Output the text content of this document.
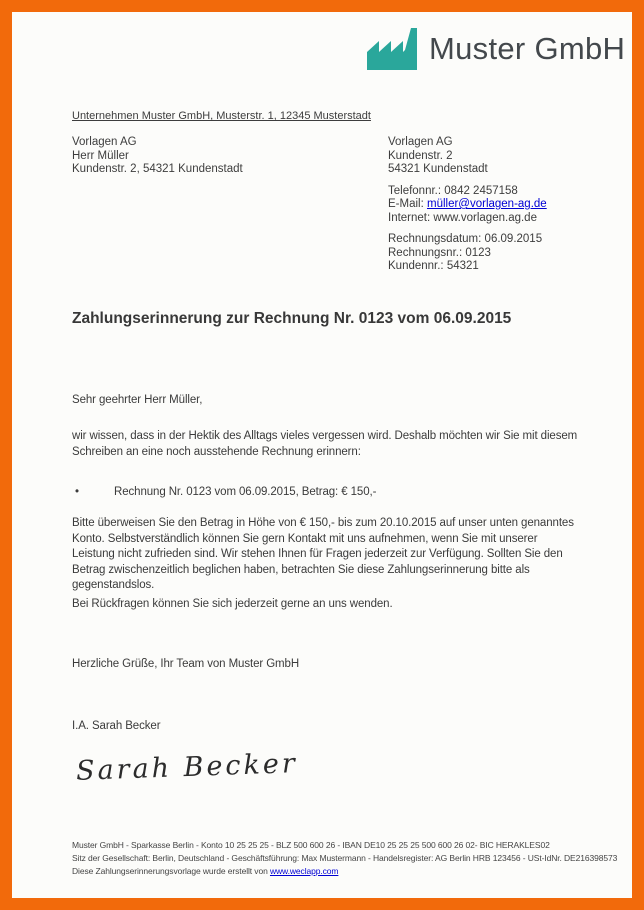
Muster GmbH
Unternehmen Muster GmbH, Musterstr. 1, 12345 Musterstadt
Vorlagen AG
Herr Müller
Kundenstr. 2, 54321 Kundenstadt
Vorlagen AG
Kundenstr. 2
54321 Kundenstadt
Telefonnr.: 0842 2457158
E-Mail: müller@vorlagen-ag.de
Internet: www.vorlagen.ag.de
Rechnungsdatum: 06.09.2015
Rechnungsnr.: 0123
Kundennr.: 54321
Zahlungserinnerung zur Rechnung Nr. 0123 vom 06.09.2015
Sehr geehrter Herr Müller,
wir wissen, dass in der Hektik des Alltags vieles vergessen wird. Deshalb möchten wir Sie mit diesem Schreiben an eine noch ausstehende Rechnung erinnern:
•	Rechnung Nr. 0123 vom 06.09.2015, Betrag: € 150,-
Bitte überweisen Sie den Betrag in Höhe von € 150,- bis zum 20.10.2015 auf unser unten genanntes Konto. Selbstverständlich können Sie gern Kontakt mit uns aufnehmen, wenn Sie mit unserer Leistung nicht zufrieden sind. Wir stehen Ihnen für Fragen jederzeit zur Verfügung. Sollten Sie den Betrag zwischenzeitlich beglichen haben, betrachten Sie diese Zahlungserinnerung bitte als gegenstandslos.
Bei Rückfragen können Sie sich jederzeit gerne an uns wenden.
Herzliche Grüße, Ihr Team von Muster GmbH
I.A. Sarah Becker
Sarah Becker
Muster GmbH - Sparkasse Berlin - Konto 10 25 25 25 - BLZ 500 600 26 - IBAN DE10 25 25 25 500 600 26 02- BIC HERAKLES02
Sitz der Gesellschaft: Berlin, Deutschland - Geschäftsführung: Max Mustermann - Handelsregister: AG Berlin HRB 123456 - USt-IdNr. DE216398573
Diese Zahlungserinnerungsvorlage wurde erstellt von www.weclapp.com
